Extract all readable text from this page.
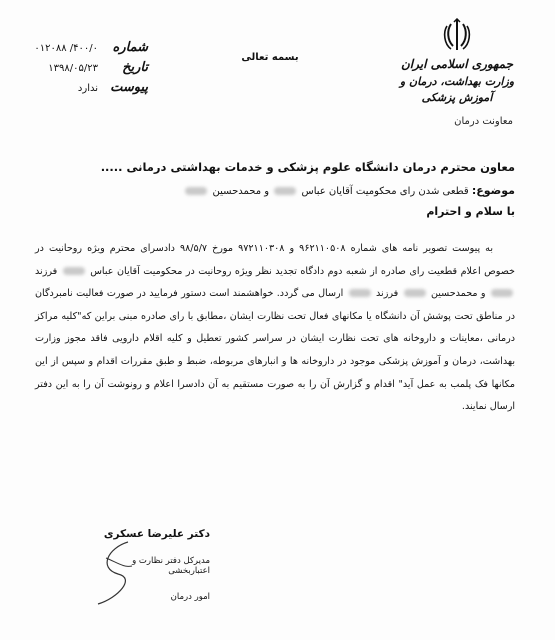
شماره
۰۱۲۰۸۸ /۴۰۰/۰
تاریخ
۱۳۹۸/۰۵/۲۳
پیوست
ندارد
بسمه تعالی	جمهوری اسلامی ایران
وزارت بهداشت، درمان و آموزش پزشکی
معاونت درمان
معاون محترم درمان دانشگاه علوم پزشکی و خدمات بهداشتی درمانی .....
موضوع: قطعی شدن رای محکومیت آقایان عباس  و محمدحسین
با سلام و احترام

به پیوست تصویر نامه های شماره ۹۶۲۱۱۰۵۰۸ و ۹۷۲۱۱۰۳۰۸ مورخ ۹۸/۵/۷ دادسرای محترم ویژه روحانیت در خصوص اعلام قطعیت رای صادره از شعبه دوم دادگاه تجدید نظر ویژه روحانیت در محکومیت آقایان عباس  فرزند  و محمدحسین  فرزند  ارسال می گردد. خواهشمند است دستور فرمایید در صورت فعالیت نامبردگان در مناطق تحت پوشش آن دانشگاه یا مکانهای فعال تحت نظارت ایشان ،مطابق با رای صادره مبنی براین که"کلیه مراکز درمانی ،معاینات و داروخانه های تحت نظارت ایشان در سراسر کشور تعطیل و کلیه اقلام دارویی فاقد مجوز وزارت بهداشت، درمان و آموزش پزشکی موجود در داروخانه ها و انبارهای مربوطه، ضبط و طبق مقررات اقدام و سپس از این مکانها فک پلمب به عمل آید" اقدام و گزارش آن را به صورت مستقیم به آن دادسرا اعلام و رونوشت آن را به این دفتر ارسال نمایند.

دکتر علیرضا عسکری
مدیرکل دفتر نظارت و اعتباربخشی
امور درمان
